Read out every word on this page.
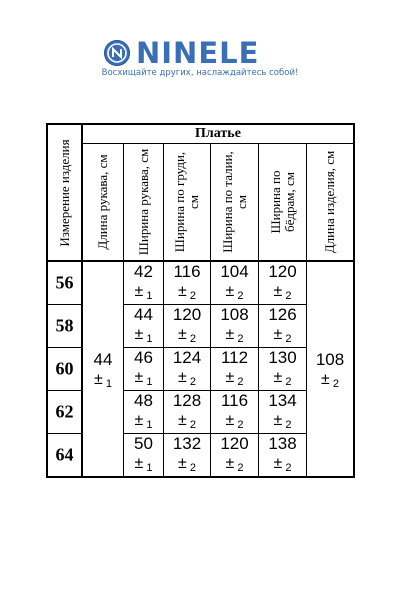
NINELE
Восхищайте других, наслаждайтесь собой!
Измерение изделия
Платье
Длина рукава, см Ширина рукава, см Ширина по груди, см Ширина по талии, см Ширина по бёдрам, см Длина изделия, см
56
58
60
62
64
44
± 1
108
± 2
42
± 1
44
± 1
46
± 1
48
± 1
50
± 1
116
± 2
120
± 2
124
± 2
128
± 2
132
± 2
104
± 2
108
± 2
112
± 2
116
± 2
120
± 2
120
± 2
126
± 2
130
± 2
134
± 2
138
± 2
